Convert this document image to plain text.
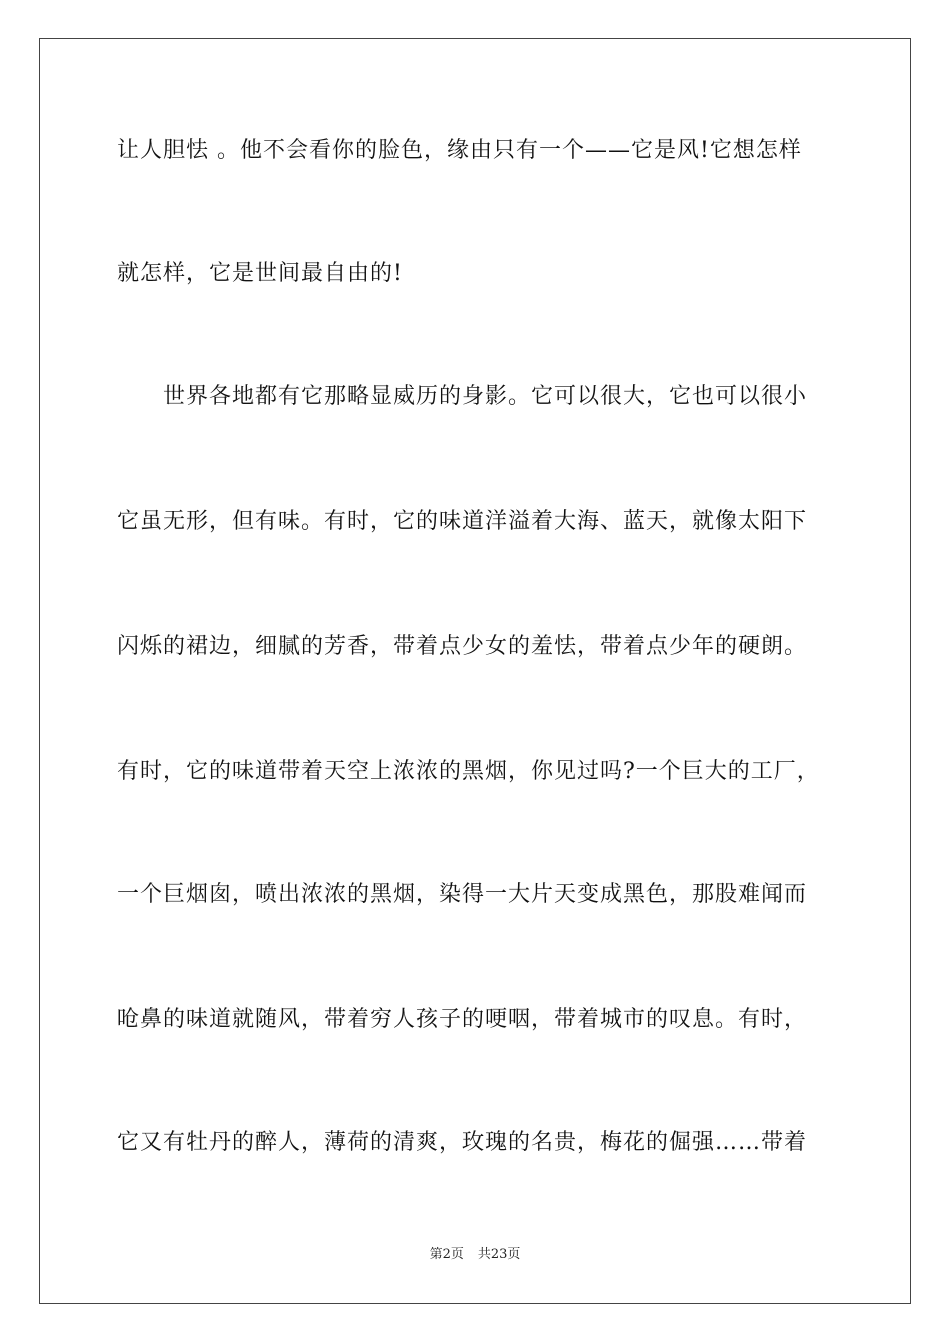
让人胆怯 。他不会看你的脸色，缘由只有一个——它是风!它想怎样
就怎样，它是世间最自由的!
世界各地都有它那略显威历的身影。它可以很大，它也可以很小
它虽无形，但有味。有时，它的味道洋溢着大海、蓝天，就像太阳下
闪烁的裙边，细腻的芳香，带着点少女的羞怯，带着点少年的硬朗。
有时，它的味道带着天空上浓浓的黑烟，你见过吗?一个巨大的工厂，
一个巨烟囱，喷出浓浓的黑烟，染得一大片天变成黑色，那股难闻而
呛鼻的味道就随风，带着穷人孩子的哽咽，带着城市的叹息。有时，
它又有牡丹的醉人，薄荷的清爽，玫瑰的名贵，梅花的倔强……带着
第2页 共23页
